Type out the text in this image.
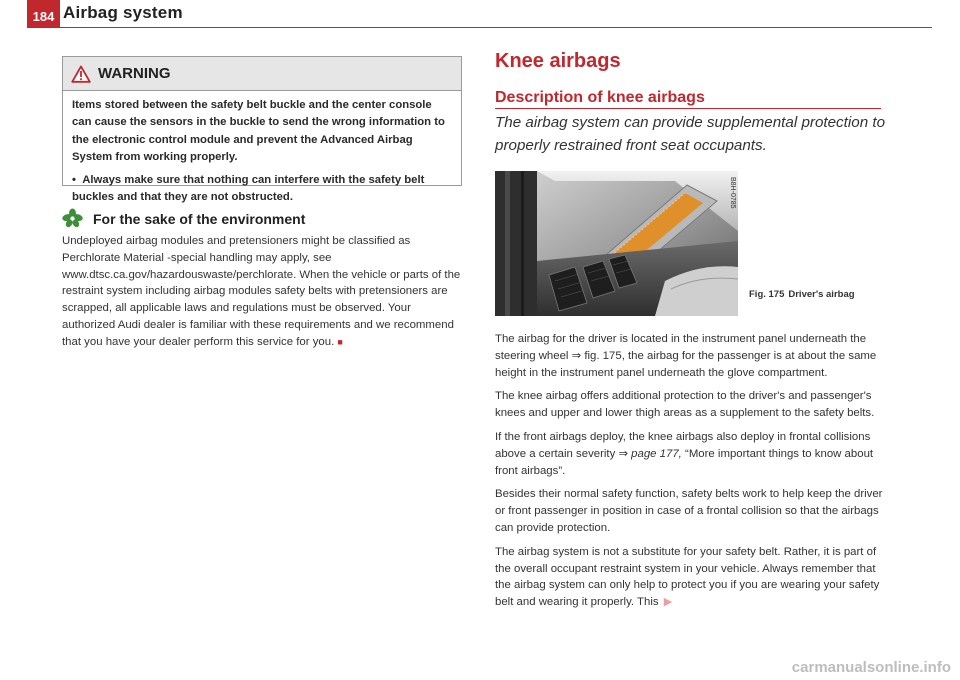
184 Airbag system
WARNING
Items stored between the safety belt buckle and the center console can cause the sensors in the buckle to send the wrong information to the electronic control module and prevent the Advanced Airbag System from working properly.
•  Always make sure that nothing can interfere with the safety belt buckles and that they are not obstructed.
For the sake of the environment
Undeployed airbag modules and pretensioners might be classified as Perchlorate Material -special handling may apply, see www.dtsc.ca.gov/hazardouswaste/perchlorate. When the vehicle or parts of the restraint system including airbag modules safety belts with pretensioners are scrapped, all applicable laws and regulations must be observed. Your authorized Audi dealer is familiar with these requirements and we recommend that you have your dealer perform this service for you. ■
Knee airbags
Description of knee airbags
The airbag system can provide supplemental protection to properly restrained front seat occupants.
B8H-0785
Fig. 175 Driver's airbag

The airbag for the driver is located in the instrument panel underneath the steering wheel ⇒ fig. 175, the airbag for the passenger is at about the same height in the instrument panel underneath the glove compartment.

The knee airbag offers additional protection to the driver's and passenger's knees and upper and lower thigh areas as a supplement to the safety belts.

If the front airbags deploy, the knee airbags also deploy in frontal collisions above a certain severity ⇒ page 177, “More important things to know about front airbags”.

Besides their normal safety function, safety belts work to help keep the driver or front passenger in position in case of a frontal collision so that the airbags can provide protection.

The airbag system is not a substitute for your safety belt. Rather, it is part of the overall occupant restraint system in your vehicle. Always remember that the airbag system can only help to protect you if you are wearing your safety belt and wearing it properly. This ▶

carmanualsonline.info
